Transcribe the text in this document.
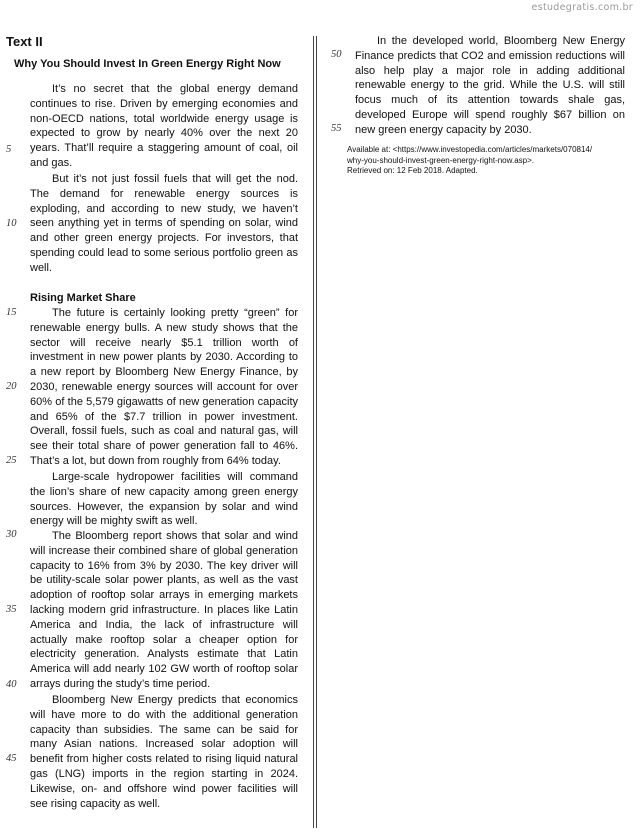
estudegratis.com.br
Text II
Why You Should Invest In Green Energy Right Now

It’s no secret that the global energy demand continues to rise. Driven by emerging economies and non-OECD nations, total worldwide energy usage is expected to grow by nearly 40% over the next 20 years. That’ll require a staggering amount of coal, oil and gas.

But it’s not just fossil fuels that will get the nod. The demand for renewable energy sources is exploding, and according to new study, we haven’t seen anything yet in terms of spending on solar, wind and other green energy projects. For investors, that spending could lead to some serious portfolio green as well.

Rising Market Share

The future is certainly looking pretty “green” for renewable energy bulls. A new study shows that the sector will receive nearly $5.1 trillion worth of investment in new power plants by 2030. According to a new report by Bloomberg New Energy Finance, by 2030, renewable energy sources will account for over 60% of the 5,579 gigawatts of new generation capacity and 65% of the $7.7 trillion in power investment. Overall, fossil fuels, such as coal and natural gas, will see their total share of power generation fall to 46%. That’s a lot, but down from roughly from 64% today.

Large-scale hydropower facilities will command the lion’s share of new capacity among green energy sources. However, the expansion by solar and wind energy will be mighty swift as well.

The Bloomberg report shows that solar and wind will increase their combined share of global generation capacity to 16% from 3% by 2030. The key driver will be utility-scale solar power plants, as well as the vast adoption of rooftop solar arrays in emerging markets lacking modern grid infrastructure. In places like Latin America and India, the lack of infrastructure will actually make rooftop solar a cheaper option for electricity generation. Analysts estimate that Latin America will add nearly 102 GW worth of rooftop solar arrays during the study’s time period.

Bloomberg New Energy predicts that economics will have more to do with the additional generation capacity than subsidies. The same can be said for many Asian nations. Increased solar adoption will benefit from higher costs related to rising liquid natural gas (LNG) imports in the region starting in 2024. Likewise, on- and offshore wind power facilities will see rising capacity as well.

5
10
15
20
25
30
35
40
45

In the developed world, Bloomberg New Energy Finance predicts that CO2 and emission reductions will also help play a major role in adding additional renewable energy to the grid. While the U.S. will still focus much of its attention towards shale gas, developed Europe will spend roughly $67 billion on new green energy capacity by 2030.

50
55
Available at: <https://www.investopedia.com/articles/markets/070814/
why-you-should-invest-green-energy-right-now.asp>.
Retrieved on: 12 Feb 2018. Adapted.
